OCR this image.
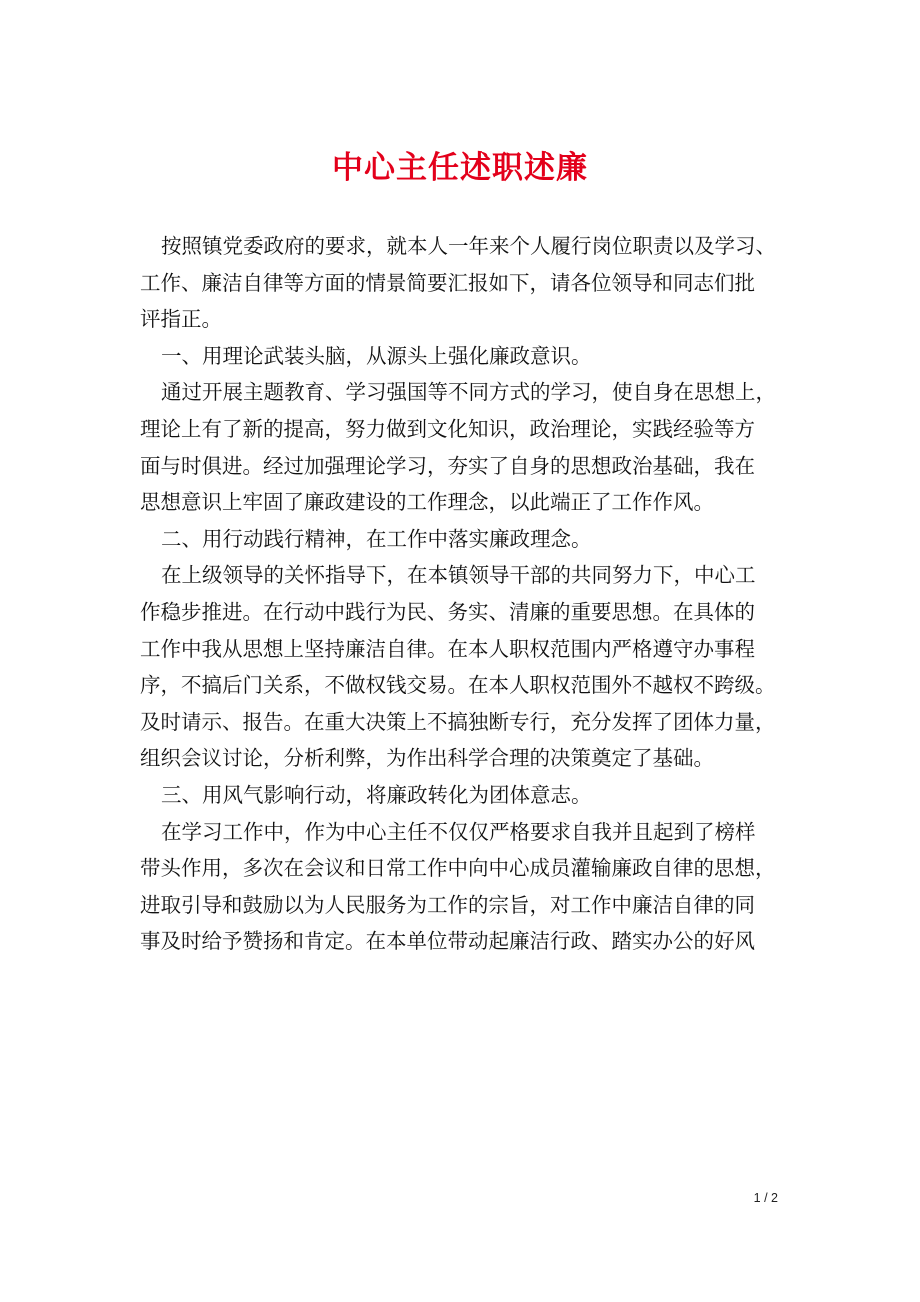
中心主任述职述廉

按照镇党委政府的要求，就本人一年来个人履行岗位职责以及学习、
工作、廉洁自律等方面的情景简要汇报如下，请各位领导和同志们批
评指正。

一、用理论武装头脑，从源头上强化廉政意识。

通过开展主题教育、学习强国等不同方式的学习，使自身在思想上，
理论上有了新的提高，努力做到文化知识，政治理论，实践经验等方
面与时俱进。经过加强理论学习，夯实了自身的思想政治基础，我在
思想意识上牢固了廉政建设的工作理念，以此端正了工作作风。

二、用行动践行精神，在工作中落实廉政理念。

在上级领导的关怀指导下，在本镇领导干部的共同努力下，中心工
作稳步推进。在行动中践行为民、务实、清廉的重要思想。在具体的
工作中我从思想上坚持廉洁自律。在本人职权范围内严格遵守办事程
序，不搞后门关系，不做权钱交易。在本人职权范围外不越权不跨级。
及时请示、报告。在重大决策上不搞独断专行，充分发挥了团体力量，
组织会议讨论，分析利弊，为作出科学合理的决策奠定了基础。

三、用风气影响行动，将廉政转化为团体意志。

在学习工作中，作为中心主任不仅仅严格要求自我并且起到了榜样
带头作用，多次在会议和日常工作中向中心成员灌输廉政自律的思想，
进取引导和鼓励以为人民服务为工作的宗旨，对工作中廉洁自律的同
事及时给予赞扬和肯定。在本单位带动起廉洁行政、踏实办公的好风

1 / 2
